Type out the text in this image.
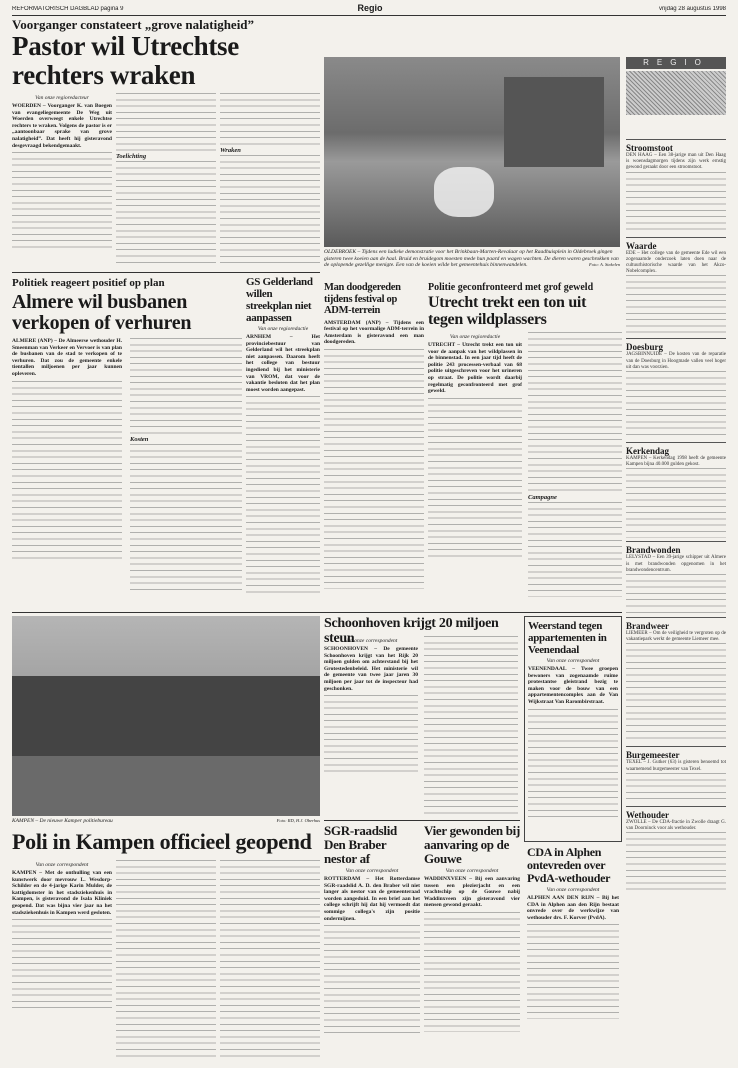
REFORMATORISCH DAGBLAD pagina 9	Regio	vrijdag 28 augustus 1998
Voorganger constateert „grove nalatigheid”
Pastor wil Utrechtse rechters wraken
Van onze regioredacteur
WOERDEN – Voorganger K. van Boegen van evangeliegemeente De Weg uit Woerden overweegt enkele Utrechtse rechters te wraken. Volgens de pastor is er „aantoonbaar sprake van grove nalatigheid”. Dat heeft hij gisteravond desgevraagd bekendgemaakt.
Toelichting
Wraken
OLDEBROEK – Tijdens een ludieke demonstratie voor het Brinkbaan-Marten-Revalaar op het Raadhuisplein in Oldebroek gingen gisteren twee koeien aan de haal. Bruid en bruidegom moesten mede hun paard en wagen wachten. De dieren waren geschrokken van de oplopende gezellige menigte. Een van de koeien wilde het gemeentehuis binnenwandelen.	Foto: A. Stekelen
REGIO
Stroomstoot
DEN HAAG – Een 38-jarige man uit Den Haag is woensdagmorgen tijdens zijn werk ernstig gewond geraakt door een stroomstoot.
Waarde
EDE – Het college van de gemeente Ede wil een zogenaamde onderzoek laten doen naar de cultuurhistorische waarde van het Akzo-Nobelcomplex.
Doesburg
JAGSBINNUIDE – De kosten van de reparatie van de Doesburg in Hoogmade vallen veel hoger uit dan was voorzien.
Kerkendag
KAMPEN – Kerkendag 1998 heeft de gemeente Kampen bijna 40.000 gulden gekost.
Brandwonden
LELYSTAD – Een 39-jarige schipper uit Almere is met brandwonden opgenomen in het brandwondencentrum.
Brandweer
LIEMEER – Om de veiligheid te vergroten op de vakantiepark werkt de gemeente Liemeer mee.
Burgemeester
TEXEL – J. Gutker (63) is gisteren benoemd tot waarnemend burgemeester van Texel.
Wethouder
ZWOLLE – De CDA-fractie in Zwolle draagt G. van Doorninck voor als wethouder.
Politiek reageert positief op plan
Almere wil busbanen verkopen of verhuren
ALMERE (ANP) – De Almeerse wethouder H. Smeenman van Verkeer en Vervoer is van plan de busbanen van de stad te verkopen of te verhuren. Dat zou de gemeente enkele tientallen miljoenen per jaar kunnen opleveren.
Kosten
GS Gelderland willen streekplan niet aanpassen
Van onze regioredactie
ARNHEM – Het provinciebestuur van Gelderland wil het streekplan niet aanpassen. Daarom heeft het college van bestuur ingediend bij het ministerie van VROM, dat voor de vakantie besloten dat het plan moest worden aangepast.
Man doodgereden tijdens festival op ADM-terrein
AMSTERDAM (ANP) – Tijdens een festival op het voormalige ADM-terrein in Amsterdam is gisteravond een man doodgereden.
Politie geconfronteerd met grof geweld
Utrecht trekt een ton uit tegen wildplassers
Van onze regioredactie
UTRECHT – Utrecht trekt een ton uit voor de aanpak van het wildplassen in de binnenstad. In een jaar tijd heeft de politie 243 processen-verbaal van 68 politie uitgeschreven voor het urineren op straat. De politie wordt daarbij regelmatig geconfronteerd met grof geweld.
Campagne
KAMPEN – De nieuwe Kamper politiebureau	Foto: RD, H.J. Oberhus
Poli in Kampen officieel geopend
Van onze correspondent
KAMPEN – Met de onthulling van een kunstwerk door mevrouw L. Wesdorp-Schilder en de 4-jarige Karin Mulder, de kattigdomster in het stadsziekenhuis in Kampen, is gisteravond de Isala Kliniek geopend. Dat was bijna vier jaar na het stadsziekenhuis in Kampen werd gesloten.
Schoonhoven krijgt 20 miljoen steun
Van onze correspondent
SCHOONHOVEN – De gemeente Schoonhoven krijgt van het Rijk 20 miljoen gulden om achterstand bij het Grotestedenbeleid. Het ministerie wil de gemeente van twee jaar jaren 30 miljoen per jaar tot de inspecteur had geschonken.
Weerstand tegen appartementen in Veenendaal
Van onze correspondent
VEENENDAAL – Twee groepen bewoners van zogenaamde ruime protestantse gleistrand bezig te maken voor de bouw van een appartementencomplex aan de Van Wijkstraat Van Rarombirstraat.
SGR-raadslid Den Braber nestor af
Van onze correspondent
ROTTERDAM – Het Rotterdamse SGR-raadslid A. D. den Braber wil niet langer als nestor van de gemeenteraad worden aangeduid. In een brief aan het college schrijft hij dat hij vermoedt dat sommige collega's zijn positie ondermijnen.
Vier gewonden bij aanvaring op de Gouwe
Van onze correspondent
WADDINXVEEN – Bij een aanvaring tussen een plezierjacht en een vrachtschip op de Gouwe nabij Waddinxveen zijn gisteravond vier mensen gewond geraakt.
CDA in Alphen ontevreden over PvdA-wethouder
Van onze correspondent
ALPHEN AAN DEN RIJN – Bij het CDA in Alphen aan den Rijn bestaat onvrede over de werkwijze van wethouder drs. F. Korver (PvdA).
